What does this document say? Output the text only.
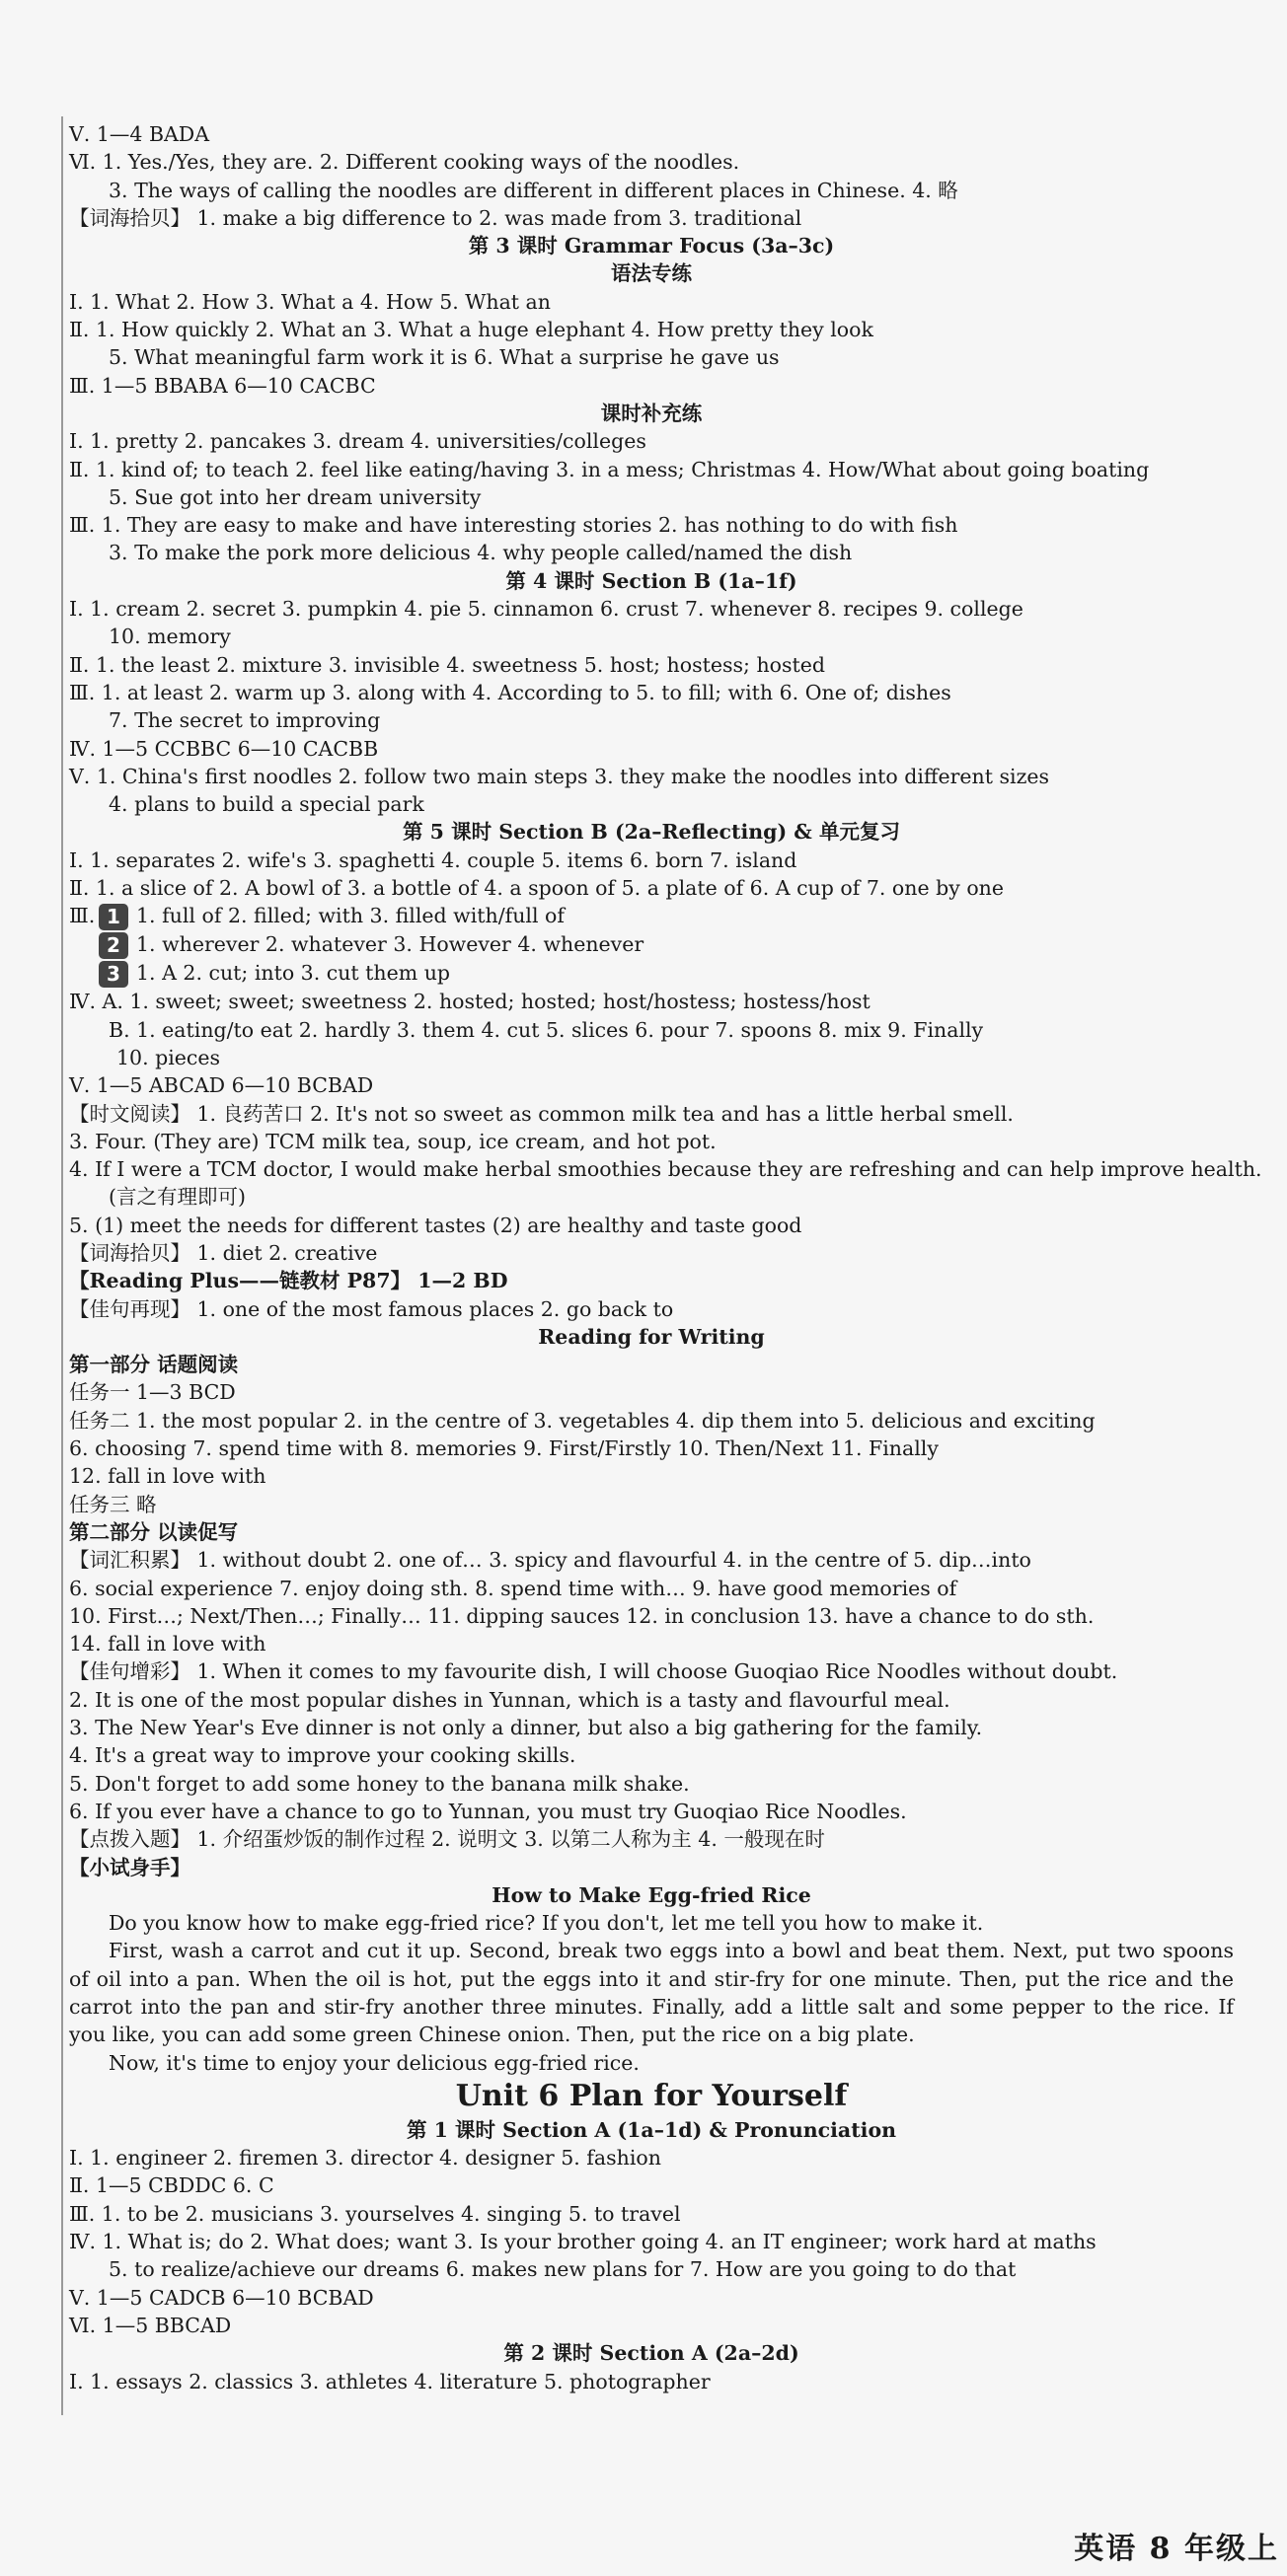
Ⅴ. 1—4 BADA
Ⅵ. 1. Yes./Yes, they are. 2. Different cooking ways of the noodles.
3. The ways of calling the noodles are different in different places in Chinese. 4. 略
【词海拾贝】 1. make a big difference to 2. was made from 3. traditional
第 3 课时 Grammar Focus (3a–3c)
语法专练
Ⅰ. 1. What 2. How 3. What a 4. How 5. What an
Ⅱ. 1. How quickly 2. What an 3. What a huge elephant 4. How pretty they look
5. What meaningful farm work it is 6. What a surprise he gave us
Ⅲ. 1—5 BBABA 6—10 CACBC
课时补充练
Ⅰ. 1. pretty 2. pancakes 3. dream 4. universities/colleges
Ⅱ. 1. kind of; to teach 2. feel like eating/having 3. in a mess; Christmas 4. How/What about going boating
5. Sue got into her dream university
Ⅲ. 1. They are easy to make and have interesting stories 2. has nothing to do with fish
3. To make the pork more delicious 4. why people called/named the dish
第 4 课时 Section B (1a–1f)
Ⅰ. 1. cream 2. secret 3. pumpkin 4. pie 5. cinnamon 6. crust 7. whenever 8. recipes 9. college
10. memory
Ⅱ. 1. the least 2. mixture 3. invisible 4. sweetness 5. host; hostess; hosted
Ⅲ. 1. at least 2. warm up 3. along with 4. According to 5. to fill; with 6. One of; dishes
7. The secret to improving
Ⅳ. 1—5 CCBBC 6—10 CACBB
Ⅴ. 1. China's first noodles 2. follow two main steps 3. they make the noodles into different sizes
4. plans to build a special park
第 5 课时 Section B (2a–Reflecting) & 单元复习
Ⅰ. 1. separates 2. wife's 3. spaghetti 4. couple 5. items 6. born 7. island
Ⅱ. 1. a slice of 2. A bowl of 3. a bottle of 4. a spoon of 5. a plate of 6. A cup of 7. one by one
Ⅲ. 1 1. full of 2. filled; with 3. filled with/full of
2 1. wherever 2. whatever 3. However 4. whenever
3 1. A 2. cut; into 3. cut them up
Ⅳ. A. 1. sweet; sweet; sweetness 2. hosted; hosted; host/hostess; hostess/host
B. 1. eating/to eat 2. hardly 3. them 4. cut 5. slices 6. pour 7. spoons 8. mix 9. Finally
10. pieces
Ⅴ. 1—5 ABCAD 6—10 BCBAD
【时文阅读】 1. 良药苦口 2. It's not so sweet as common milk tea and has a little herbal smell.
3. Four. (They are) TCM milk tea, soup, ice cream, and hot pot.
4. If I were a TCM doctor, I would make herbal smoothies because they are refreshing and can help improve health.
(言之有理即可)
5. (1) meet the needs for different tastes (2) are healthy and taste good
【词海拾贝】 1. diet 2. creative
【Reading Plus——链教材 P87】 1—2 BD
【佳句再现】 1. one of the most famous places 2. go back to
Reading for Writing
第一部分 话题阅读
任务一 1—3 BCD
任务二 1. the most popular 2. in the centre of 3. vegetables 4. dip them into 5. delicious and exciting
6. choosing 7. spend time with 8. memories 9. First/Firstly 10. Then/Next 11. Finally
12. fall in love with
任务三 略
第二部分 以读促写
【词汇积累】 1. without doubt 2. one of… 3. spicy and flavourful 4. in the centre of 5. dip…into
6. social experience 7. enjoy doing sth. 8. spend time with… 9. have good memories of
10. First…; Next/Then…; Finally… 11. dipping sauces 12. in conclusion 13. have a chance to do sth.
14. fall in love with
【佳句增彩】 1. When it comes to my favourite dish, I will choose Guoqiao Rice Noodles without doubt.
2. It is one of the most popular dishes in Yunnan, which is a tasty and flavourful meal.
3. The New Year's Eve dinner is not only a dinner, but also a big gathering for the family.
4. It's a great way to improve your cooking skills.
5. Don't forget to add some honey to the banana milk shake.
6. If you ever have a chance to go to Yunnan, you must try Guoqiao Rice Noodles.
【点拨入题】 1. 介绍蛋炒饭的制作过程 2. 说明文 3. 以第二人称为主 4. 一般现在时
【小试身手】
How to Make Egg-fried Rice
Do you know how to make egg-fried rice? If you don't, let me tell you how to make it.
First, wash a carrot and cut it up. Second, break two eggs into a bowl and beat them. Next, put two spoons of oil into a pan. When the oil is hot, put the eggs into it and stir-fry for one minute. Then, put the rice and the carrot into the pan and stir-fry another three minutes. Finally, add a little salt and some pepper to the rice. If you like, you can add some green Chinese onion. Then, put the rice on a big plate.
Now, it's time to enjoy your delicious egg-fried rice.
Unit 6 Plan for Yourself
第 1 课时 Section A (1a–1d) & Pronunciation
Ⅰ. 1. engineer 2. firemen 3. director 4. designer 5. fashion
Ⅱ. 1—5 CBDDC 6. C
Ⅲ. 1. to be 2. musicians 3. yourselves 4. singing 5. to travel
Ⅳ. 1. What is; do 2. What does; want 3. Is your brother going 4. an IT engineer; work hard at maths
5. to realize/achieve our dreams 6. makes new plans for 7. How are you going to do that
Ⅴ. 1—5 CADCB 6—10 BCBAD
Ⅵ. 1—5 BBCAD
第 2 课时 Section A (2a–2d)
Ⅰ. 1. essays 2. classics 3. athletes 4. literature 5. photographer
英语 8 年级上
